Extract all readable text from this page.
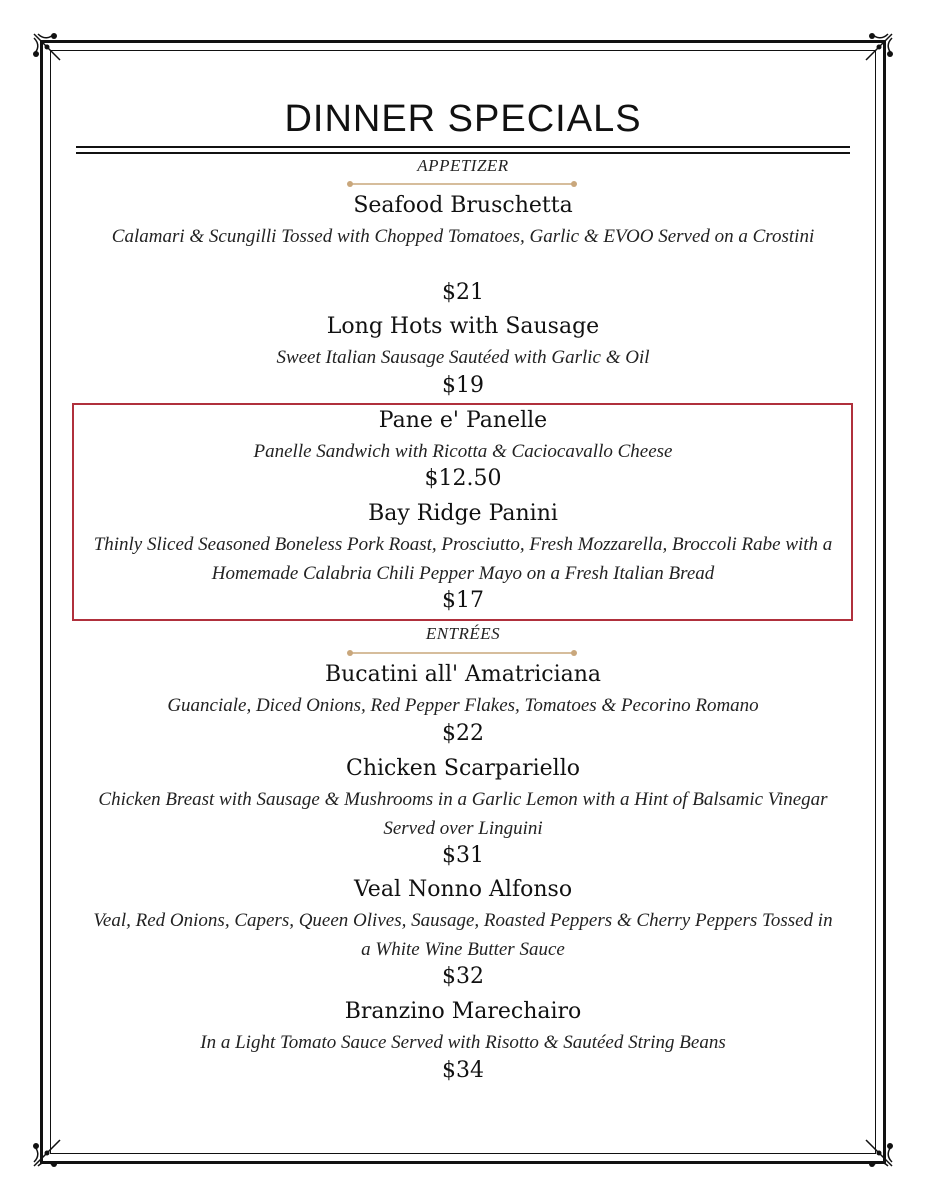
DINNER SPECIALS
APPETIZER
Seafood Bruschetta
Calamari & Scungilli Tossed with Chopped Tomatoes, Garlic & EVOO Served on a Crostini
$21
Long Hots with Sausage
Sweet Italian Sausage Sautéed with Garlic & Oil
$19
Pane e' Panelle
Panelle Sandwich with Ricotta & Caciocavallo Cheese
$12.50
Bay Ridge Panini
Thinly Sliced Seasoned Boneless Pork Roast, Prosciutto, Fresh Mozzarella, Broccoli Rabe with a Homemade Calabria Chili Pepper Mayo on a Fresh Italian Bread
$17
ENTRÉES
Bucatini all' Amatriciana
Guanciale, Diced Onions, Red Pepper Flakes, Tomatoes & Pecorino Romano
$22
Chicken Scarpariello
Chicken Breast with Sausage & Mushrooms in a Garlic Lemon with a Hint of Balsamic Vinegar Served over Linguini
$31
Veal Nonno Alfonso
Veal, Red Onions, Capers, Queen Olives, Sausage, Roasted Peppers & Cherry Peppers Tossed in a White Wine Butter Sauce
$32
Branzino Marechairo
In a Light Tomato Sauce Served with Risotto & Sautéed String Beans
$34
